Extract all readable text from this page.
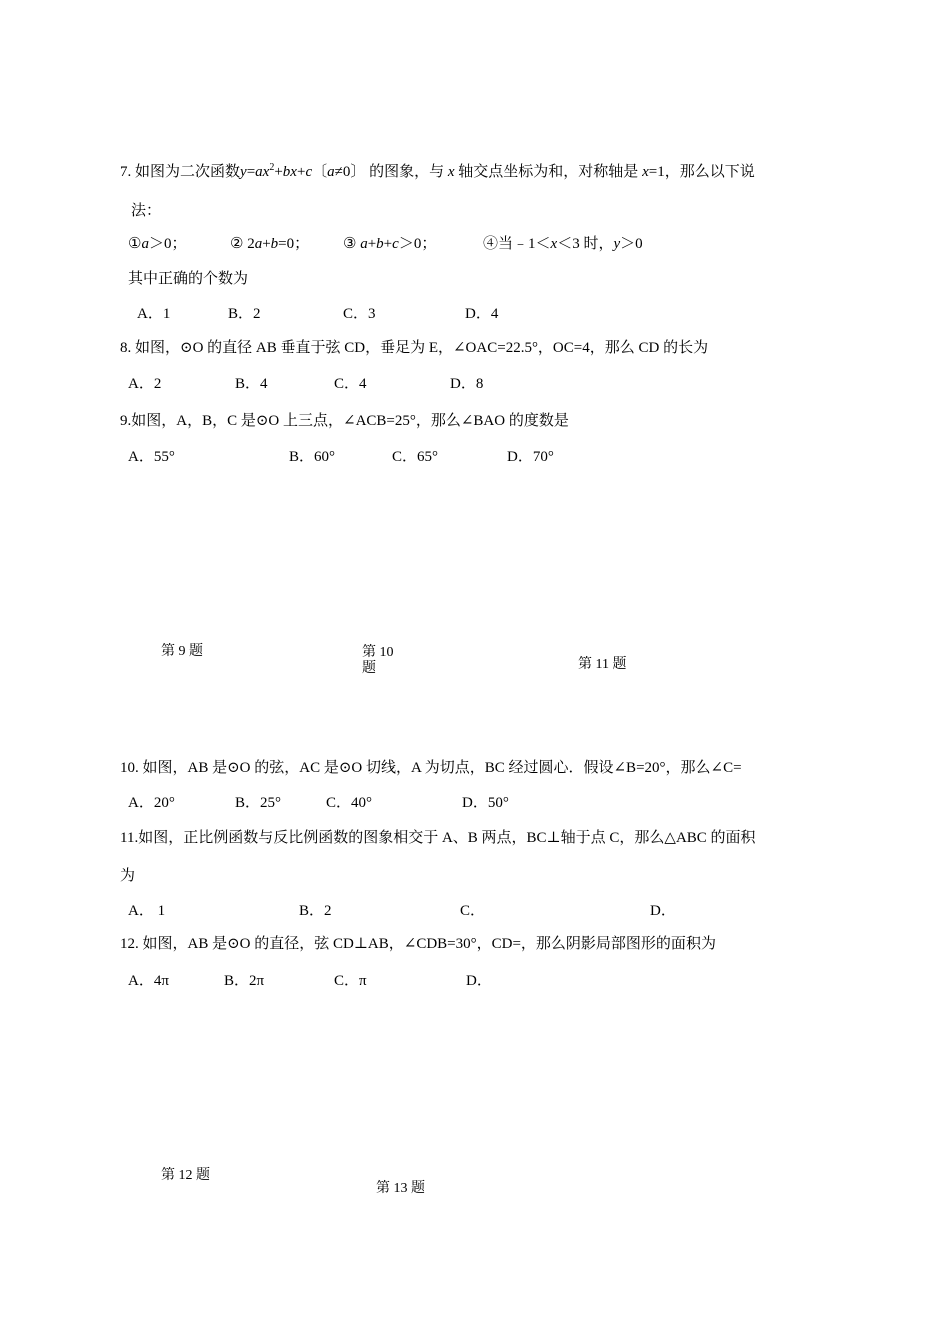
7. 如图为二次函数$y=ax^2+bx+c$〔a≠0〕 的图象，与 x 轴交点坐标为和，对称轴是 x=1，那么以下说
法：
①a＞0；	② 2a+b=0； ③ a+b+c＞0；	④当﹣1＜x＜3 时，y＞0
其中正确的个数为
A．1	B．2	C．3	D．4
8. 如图，⊙O 的直径 AB 垂直于弦 CD，垂足为 E，∠OAC=22.5°，OC=4，那么 CD 的长为
A．2	B．4	C．4	D．8
9.如图，A，B，C 是⊙O 上三点，∠ACB=25°，那么∠BAO 的度数是
A．55°	B．60°	C．65°	D．70°
第 9 题	第 10 题	第 11 题
10. 如图，AB 是⊙O 的弦，AC 是⊙O 切线，A 为切点，BC 经过圆心．假设∠B=20°，那么∠C=
A．20°	B．25°	C．40°	D．50°
11.如图，正比例函数与反比例函数的图象相交于 A、B 两点，BC⊥轴于点 C，那么△ABC 的面积
为
A． 1	B．2	C．	D．
12. 如图，AB 是⊙O 的直径，弦 CD⊥AB，∠CDB=30°，CD=，那么阴影局部图形的面积为
A．4π	B．2π	C．π	D．
第 12 题
第 13 题
